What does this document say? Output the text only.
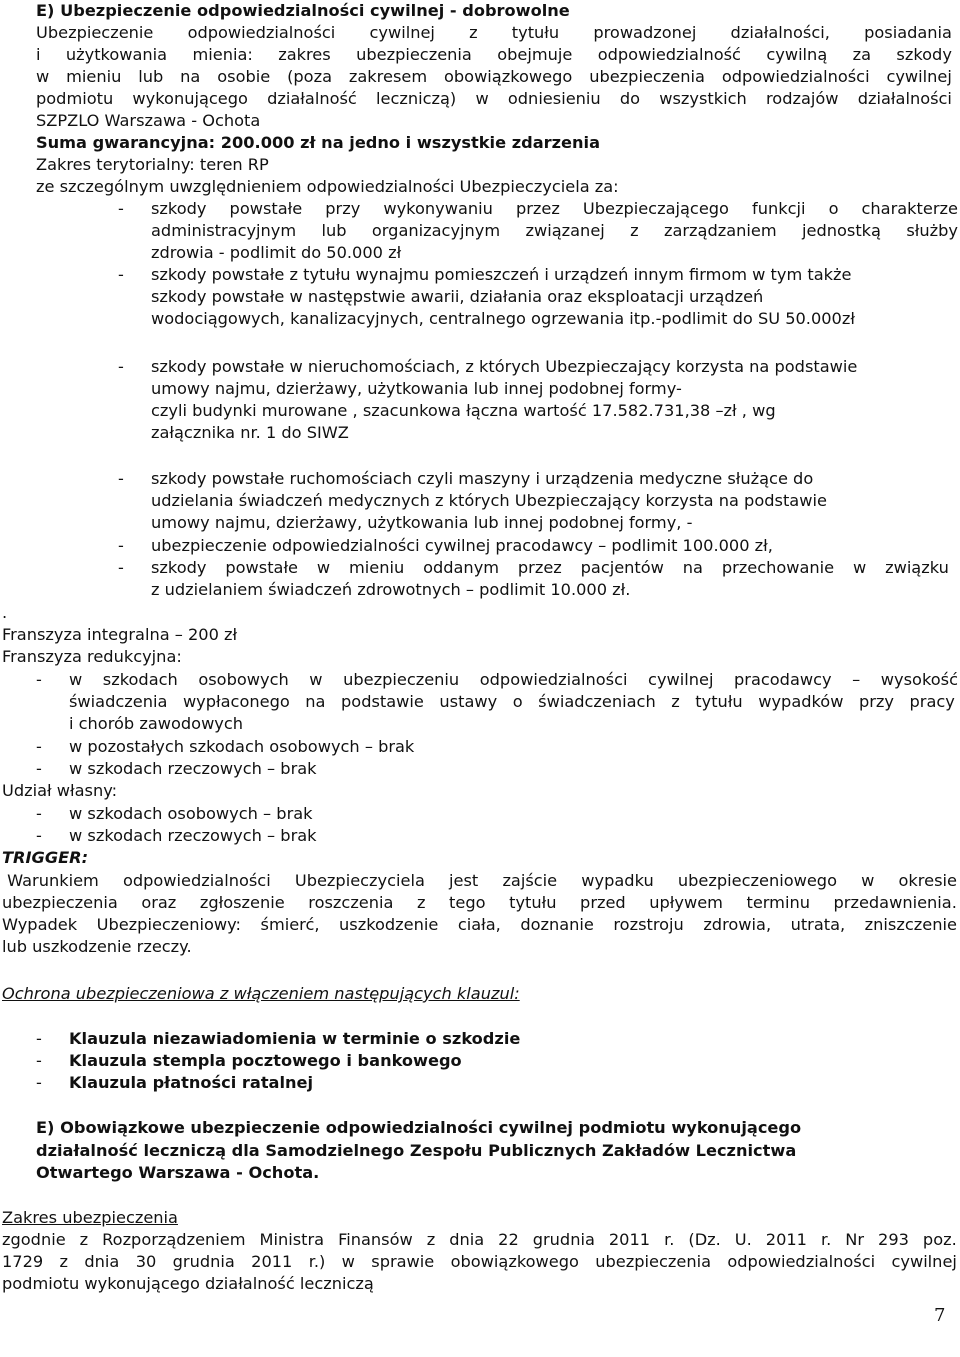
E) Ubezpieczenie odpowiedzialności cywilnej - dobrowolne
Ubezpieczenie odpowiedzialności cywilnej z tytułu prowadzonej działalności, posiadania
i użytkowania mienia: zakres ubezpieczenia obejmuje odpowiedzialność cywilną za szkody
w mieniu lub na osobie (poza zakresem obowiązkowego ubezpieczenia odpowiedzialności cywilnej
podmiotu wykonującego działalność leczniczą) w odniesieniu do wszystkich rodzajów działalności
SZPZLO Warszawa - Ochota
Suma gwarancyjna: 200.000 zł na jedno i wszystkie zdarzenia
Zakres terytorialny: teren RP
ze szczególnym uwzględnieniem odpowiedzialności Ubezpieczyciela za:
- szkody powstałe przy wykonywaniu przez Ubezpieczającego funkcji o charakterze
administracyjnym lub organizacyjnym związanej z zarządzaniem jednostką służby
zdrowia - podlimit do 50.000 zł
- szkody powstałe z tytułu wynajmu pomieszczeń i urządzeń innym firmom w tym także
szkody powstałe w następstwie awarii, działania oraz eksploatacji urządzeń
wodociągowych, kanalizacyjnych, centralnego ogrzewania itp.-podlimit do SU 50.000zł
- szkody powstałe w nieruchomościach, z których Ubezpieczający korzysta na podstawie
umowy najmu, dzierżawy, użytkowania lub innej podobnej formy-
czyli budynki murowane , szacunkowa łączna wartość 17.582.731,38 –zł , wg
załącznika nr. 1 do SIWZ
- szkody powstałe ruchomościach czyli maszyny i urządzenia medyczne służące do
udzielania świadczeń medycznych z których Ubezpieczający korzysta na podstawie
umowy najmu, dzierżawy, użytkowania lub innej podobnej formy, -
- ubezpieczenie odpowiedzialności cywilnej pracodawcy – podlimit 100.000 zł,
- szkody powstałe w mieniu oddanym przez pacjentów na przechowanie w związku
z udzielaniem świadczeń zdrowotnych – podlimit 10.000 zł.
.
Franszyza integralna – 200 zł
Franszyza redukcyjna:
- w szkodach osobowych w ubezpieczeniu odpowiedzialności cywilnej pracodawcy – wysokość
świadczenia wypłaconego na podstawie ustawy o świadczeniach z tytułu wypadków przy pracy
i chorób zawodowych
- w pozostałych szkodach osobowych – brak
- w szkodach rzeczowych – brak
Udział własny:
- w szkodach osobowych – brak
- w szkodach rzeczowych – brak
TRIGGER:
Warunkiem odpowiedzialności Ubezpieczyciela jest zajście wypadku ubezpieczeniowego w okresie
ubezpieczenia oraz zgłoszenie roszczenia z tego tytułu przed upływem terminu przedawnienia.
Wypadek Ubezpieczeniowy: śmierć, uszkodzenie ciała, doznanie rozstroju zdrowia, utrata, zniszczenie
lub uszkodzenie rzeczy.
Ochrona ubezpieczeniowa z włączeniem następujących klauzul:
- Klauzula niezawiadomienia w terminie o szkodzie
- Klauzula stempla pocztowego i bankowego
- Klauzula płatności ratalnej
E) Obowiązkowe ubezpieczenie odpowiedzialności cywilnej podmiotu wykonującego
działalność leczniczą dla Samodzielnego Zespołu Publicznych Zakładów Lecznictwa
Otwartego Warszawa - Ochota.
Zakres ubezpieczenia
zgodnie z Rozporządzeniem Ministra Finansów z dnia 22 grudnia 2011 r. (Dz. U. 2011 r. Nr 293 poz.
1729 z dnia 30 grudnia 2011 r.) w sprawie obowiązkowego ubezpieczenia odpowiedzialności cywilnej
podmiotu wykonującego działalność leczniczą
7
